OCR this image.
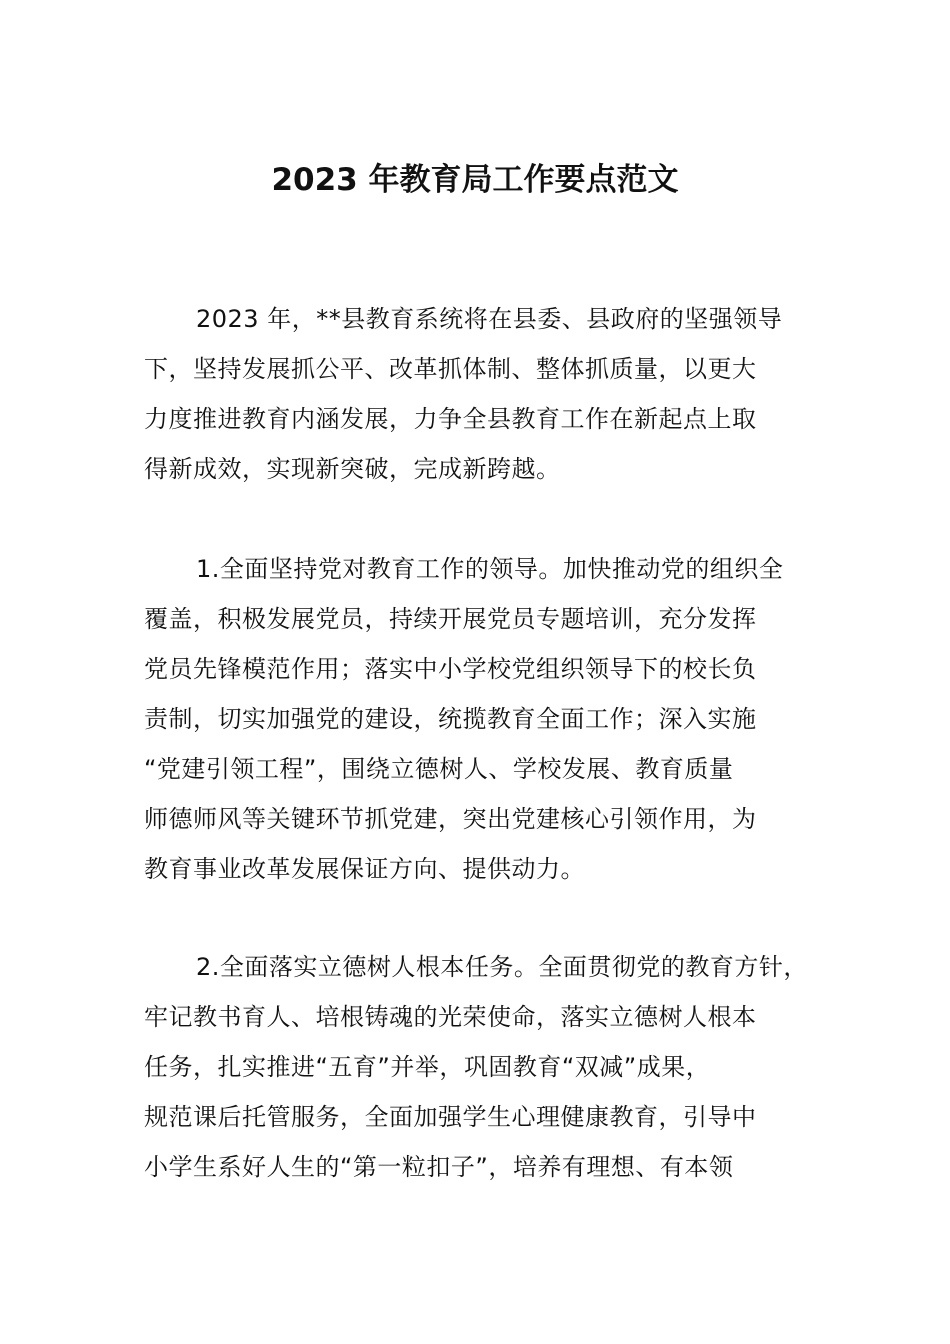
2023 年教育局工作要点范文

2023 年，**县教育系统将在县委、县政府的坚强领导
下，坚持发展抓公平、改革抓体制、整体抓质量，以更大
力度推进教育内涵发展，力争全县教育工作在新起点上取
得新成效，实现新突破，完成新跨越。

1.全面坚持党对教育工作的领导。加快推动党的组织全
覆盖，积极发展党员，持续开展党员专题培训，充分发挥
党员先锋模范作用；落实中小学校党组织领导下的校长负
责制，切实加强党的建设，统揽教育全面工作；深入实施
“党建引领工程”，围绕立德树人、学校发展、教育质量
师德师风等关键环节抓党建，突出党建核心引领作用，为
教育事业改革发展保证方向、提供动力。

2.全面落实立德树人根本任务。全面贯彻党的教育方针，
牢记教书育人、培根铸魂的光荣使命，落实立德树人根本
任务，扎实推进“五育”并举，巩固教育“双减”成果，
规范课后托管服务，全面加强学生心理健康教育，引导中
小学生系好人生的“第一粒扣子”，培养有理想、有本领
